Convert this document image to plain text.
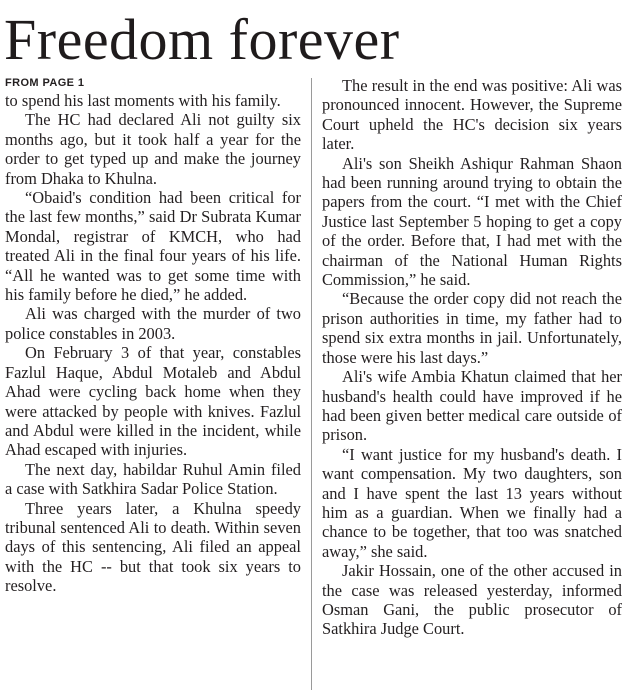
Freedom forever
FROM PAGE 1

to spend his last moments with his family.

The HC had declared Ali not guilty six months ago, but it took half a year for the order to get typed up and make the journey from Dhaka to Khulna.

“Obaid's condition had been critical for the last few months,” said Dr Subrata Kumar Mondal, registrar of KMCH, who had treated Ali in the final four years of his life. “All he wanted was to get some time with his family before he died,” he added.

Ali was charged with the murder of two police constables in 2003.

On February 3 of that year, constables Fazlul Haque, Abdul Motaleb and Abdul Ahad were cycling back home when they were attacked by people with knives. Fazlul and Abdul were killed in the incident, while Ahad escaped with injuries.

The next day, habildar Ruhul Amin filed a case with Satkhira Sadar Police Station.

Three years later, a Khulna speedy tribunal sentenced Ali to death. Within seven days of this sentencing, Ali filed an appeal with the HC -- but that took six years to resolve.

The result in the end was positive: Ali was pronounced innocent. However, the Supreme Court upheld the HC's decision six years later.

Ali's son Sheikh Ashiqur Rahman Shaon had been running around trying to obtain the papers from the court. “I met with the Chief Justice last September 5 hoping to get a copy of the order. Before that, I had met with the chairman of the National Human Rights Commission,” he said.

“Because the order copy did not reach the prison authorities in time, my father had to spend six extra months in jail. Unfortunately, those were his last days.”

Ali's wife Ambia Khatun claimed that her husband's health could have improved if he had been given better medical care outside of prison.

“I want justice for my husband's death. I want compensation. My two daughters, son and I have spent the last 13 years without him as a guardian. When we finally had a chance to be together, that too was snatched away,” she said.

Jakir Hossain, one of the other accused in the case was released yesterday, informed Osman Gani, the public prosecutor of Satkhira Judge Court.
